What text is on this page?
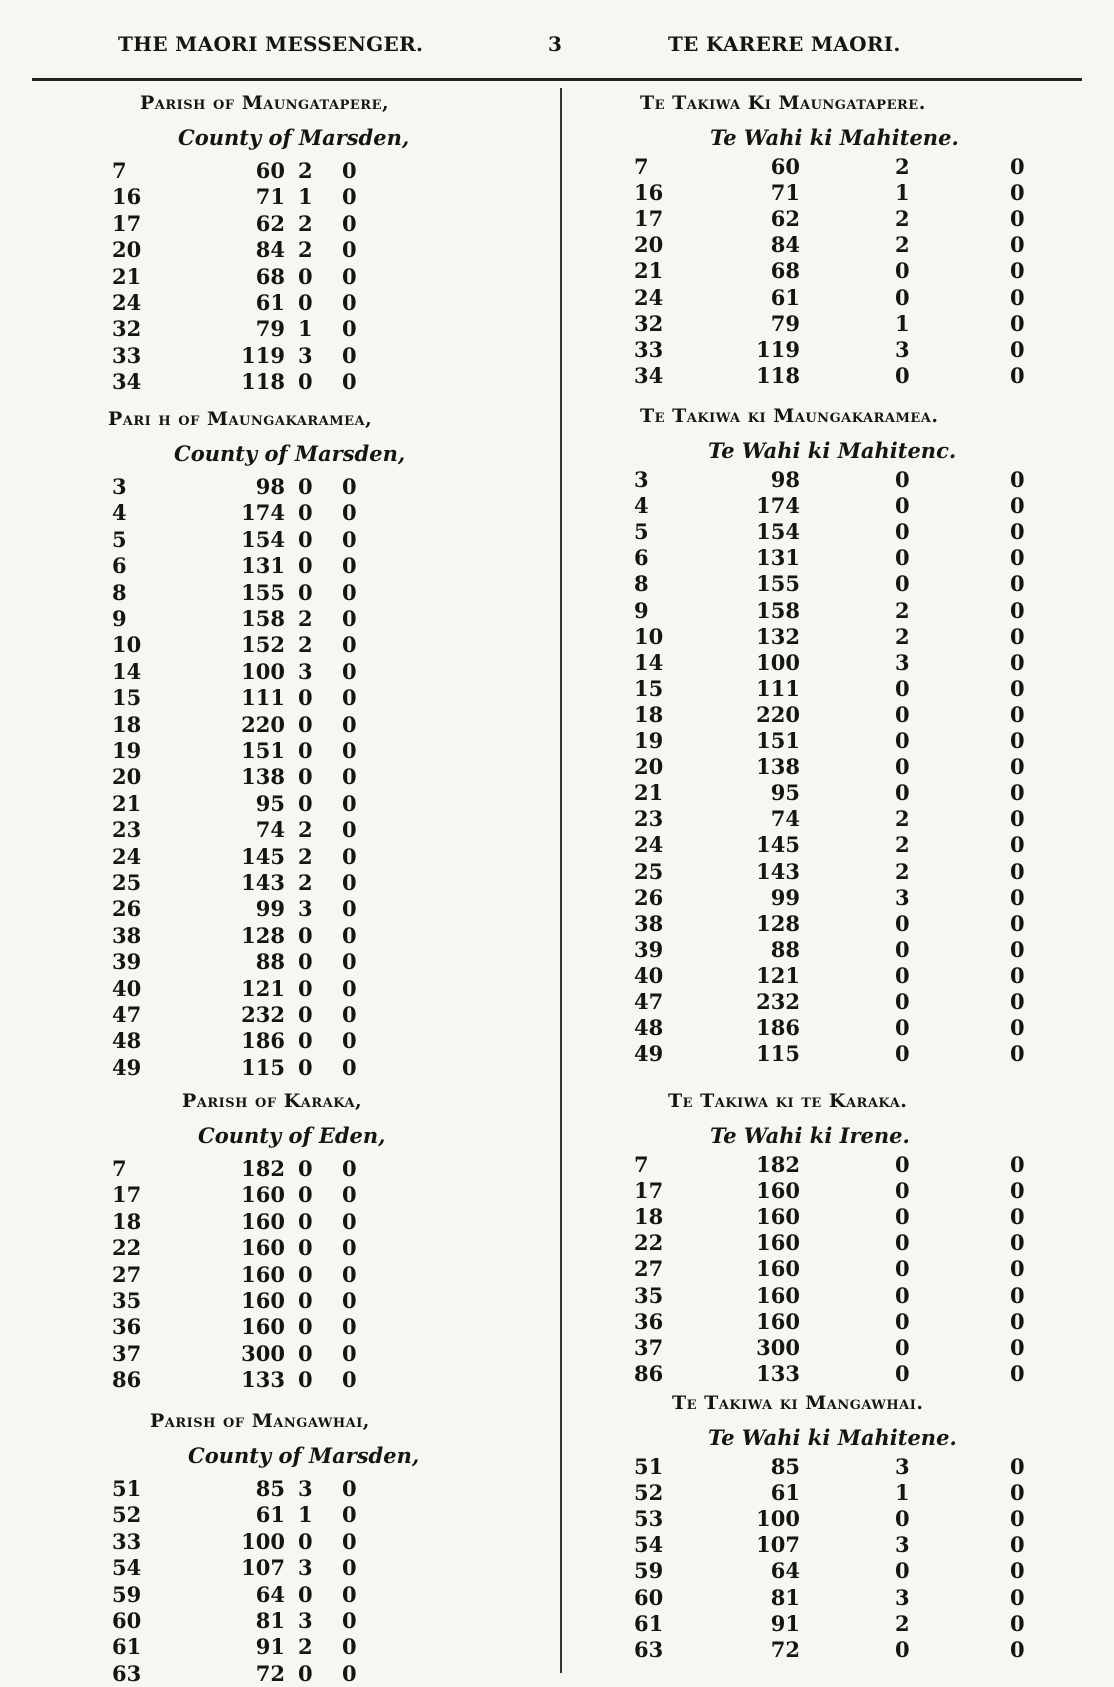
THE MAORI MESSENGER.	3	TE KARERE MAORI.
Parish of Maungatapere,
County of Marsden,
7	60 2	0
16	71 1	0
17	62 2	0
20	84 2	0
21	68 0	0
24	61 0	0
32	79 1	0
33	119 3	0
34	118 0	0
Pari h of Maungakaramea,
County of Marsden,
3	98 0	0
4	174 0	0
5	154 0	0
6	131 0	0
8	155 0	0
9	158 2	0
10	152 2	0
14	100 3	0
15	111 0	0
18	220 0	0
19	151 0	0
20	138 0	0
21	95 0	0
23	74 2	0
24	145 2	0
25	143 2	0
26	99 3	0
38	128 0	0
39	88 0	0
40	121 0	0
47	232 0	0
48	186 0	0
49	115 0	0
Parish of Karaka,
County of Eden,
7	182 0	0
17	160 0	0
18	160 0	0
22	160 0	0
27	160 0	0
35	160 0	0
36	160 0	0
37	300 0	0
86	133 0	0
Parish of Mangawhai,
County of Marsden,
51	85 3	0
52	61 1	0
33	100 0	0
54	107 3	0
59	64 0	0
60	81 3	0
61	91 2	0
63	72 0	0
Te Takiwa Ki Maungatapere.
Te Wahi ki Mahitene.
7	60	2	0
16	71	1	0
17	62	2	0
20	84	2	0
21	68	0	0
24	61	0	0
32	79	1	0
33	119	3	0
34	118	0	0
Te Takiwa ki Maungakaramea.
Te Wahi ki Mahitenc.
3	98	0	0
4	174	0	0
5	154	0	0
6	131	0	0
8	155	0	0
9	158	2	0
10	132	2	0
14	100	3	0
15	111	0	0
18	220	0	0
19	151	0	0
20	138	0	0
21	95	0	0
23	74	2	0
24	145	2	0
25	143	2	0
26	99	3	0
38	128	0	0
39	88	0	0
40	121	0	0
47	232	0	0
48	186	0	0
49	115	0	0
Te Takiwa ki te Karaka.
Te Wahi ki Irene.
7	182	0	0
17	160	0	0
18	160	0	0
22	160	0	0
27	160	0	0
35	160	0	0
36	160	0	0
37	300	0	0
86	133	0	0
Te Takiwa ki Mangawhai.
Te Wahi ki Mahitene.
51	85	3	0
52	61	1	0
53	100	0	0
54	107	3	0
59	64	0	0
60	81	3	0
61	91	2	0
63	72	0	0
